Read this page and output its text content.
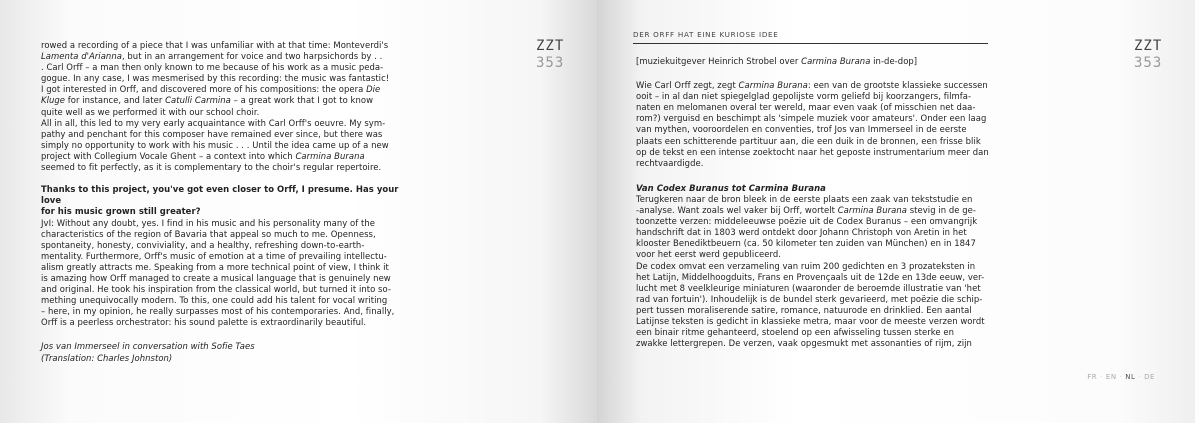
rowed a recording of a piece that I was unfamiliar with at that time: Monteverdi's
Lamenta d'Arianna, but in an arrangement for voice and two harpsichords by . .
. Carl Orff – a man then only known to me because of his work as a music peda-
gogue. In any case, I was mesmerised by this recording: the music was fantastic!
I got interested in Orff, and discovered more of his compositions: the opera Die
Kluge for instance, and later Catulli Carmina – a great work that I got to know
quite well as we performed it with our school choir.
All in all, this led to my very early acquaintance with Carl Orff's oeuvre. My sym-
pathy and penchant for this composer have remained ever since, but there was
simply no opportunity to work with his music . . . Until the idea came up of a new
project with Collegium Vocale Ghent – a context into which Carmina Burana
seemed to fit perfectly, as it is complementary to the choir's regular repertoire.

Thanks to this project, you've got even closer to Orff, I presume. Has your love
for his music grown still greater?

JvI: Without any doubt, yes. I find in his music and his personality many of the
characteristics of the region of Bavaria that appeal so much to me. Openness,
spontaneity, honesty, conviviality, and a healthy, refreshing down-to-earth-
mentality. Furthermore, Orff's music of emotion at a time of prevailing intellectu-
alism greatly attracts me. Speaking from a more technical point of view, I think it
is amazing how Orff managed to create a musical language that is genuinely new
and original. He took his inspiration from the classical world, but turned it into so-
mething unequivocally modern. To this, one could add his talent for vocal writing
– here, in my opinion, he really surpasses most of his contemporaries. And, finally,
Orff is a peerless orchestrator: his sound palette is extraordinarily beautiful.

Jos van Immerseel in conversation with Sofie Taes
(Translation: Charles Johnston)

ZZT
353
DER ORFF HAT EINE KURIOSE IDEE

[muziekuitgever Heinrich Strobel over Carmina Burana in-de-dop]

Wie Carl Orff zegt, zegt Carmina Burana: een van de grootste klassieke successen
ooit – in al dan niet spiegelglad gepolijste vorm geliefd bij koorzangers, filmfa-
naten en melomanen overal ter wereld, maar even vaak (of misschien net daa-
rom?) verguisd en beschimpt als 'simpele muziek voor amateurs'. Onder een laag
van mythen, vooroordelen en conventies, trof Jos van Immerseel in de eerste
plaats een schitterende partituur aan, die een duik in de bronnen, een frisse blik
op de tekst en een intense zoektocht naar het geposte instrumentarium meer dan
rechtvaardigde.

Van Codex Buranus tot Carmina Burana

Terugkeren naar de bron bleek in de eerste plaats een zaak van tekststudie en
-analyse. Want zoals wel vaker bij Orff, wortelt Carmina Burana stevig in de ge-
toonzette verzen: middeleeuwse poëzie uit de Codex Buranus – een omvangrijk
handschrift dat in 1803 werd ontdekt door Johann Christoph von Aretin in het
klooster Benediktbeuern (ca. 50 kilometer ten zuiden van München) en in 1847
voor het eerst werd gepubliceerd.
De codex omvat een verzameling van ruim 200 gedichten en 3 prozateksten in
het Latijn, Middelhoogduits, Frans en Provençaals uit de 12de en 13de eeuw, ver-
lucht met 8 veelkleurige miniaturen (waaronder de beroemde illustratie van 'het
rad van fortuin'). Inhoudelijk is de bundel sterk gevarieerd, met poëzie die schip-
pert tussen moraliserende satire, romance, natuurode en drinklied. Een aantal
Latijnse teksten is gedicht in klassieke metra, maar voor de meeste verzen wordt
een binair ritme gehanteerd, stoelend op een afwisseling tussen sterke en
zwakke lettergrepen. De verzen, vaak opgesmukt met assonanties of rijm, zijn

ZZT
353
FR · EN · NL · DE
